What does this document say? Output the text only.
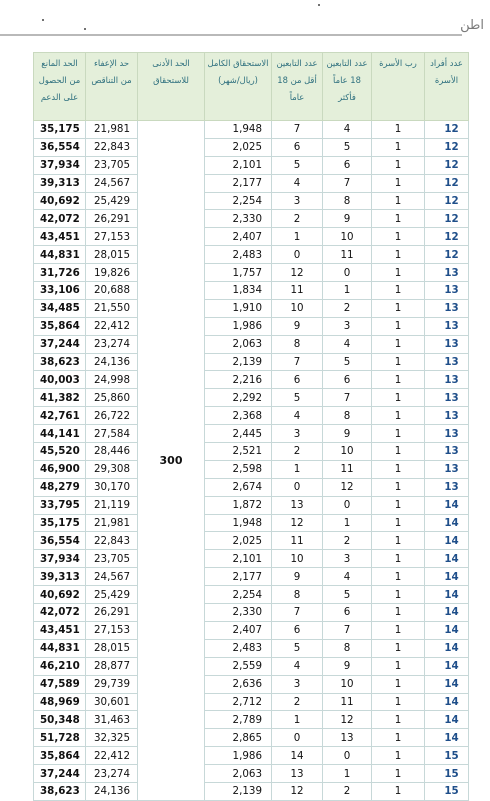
اطن
عدد أفراد الأسرة	رب الأسرة	عدد التابعين 18 عاماً فأكثر	عدد التابعين أقل من 18 عاماً	الاستحقاق الكامل (ريال/شهر)	الحد الأدنى للاستحقاق	حد الإعفاء من التناقص	الحد المانع من الحصول على الدعم
12	1	4	7	1,948	300	21,981	35,175
12	1	5	6	2,025		22,843	36,554
12	1	6	5	2,101		23,705	37,934
12	1	7	4	2,177		24,567	39,313
12	1	8	3	2,254		25,429	40,692
12	1	9	2	2,330		26,291	42,072
12	1	10	1	2,407		27,153	43,451
12	1	11	0	2,483		28,015	44,831
13	1	0	12	1,757		19,826	31,726
13	1	1	11	1,834		20,688	33,106
13	1	2	10	1,910		21,550	34,485
13	1	3	9	1,986		22,412	35,864
13	1	4	8	2,063		23,274	37,244
13	1	5	7	2,139		24,136	38,623
13	1	6	6	2,216		24,998	40,003
13	1	7	5	2,292		25,860	41,382
13	1	8	4	2,368		26,722	42,761
13	1	9	3	2,445		27,584	44,141
13	1	10	2	2,521		28,446	45,520
13	1	11	1	2,598		29,308	46,900
13	1	12	0	2,674		30,170	48,279
14	1	0	13	1,872		21,119	33,795
14	1	1	12	1,948		21,981	35,175
14	1	2	11	2,025		22,843	36,554
14	1	3	10	2,101		23,705	37,934
14	1	4	9	2,177		24,567	39,313
14	1	5	8	2,254		25,429	40,692
14	1	6	7	2,330		26,291	42,072
14	1	7	6	2,407		27,153	43,451
14	1	8	5	2,483		28,015	44,831
14	1	9	4	2,559		28,877	46,210
14	1	10	3	2,636		29,739	47,589
14	1	11	2	2,712		30,601	48,969
14	1	12	1	2,789		31,463	50,348
14	1	13	0	2,865		32,325	51,728
15	1	0	14	1,986		22,412	35,864
15	1	1	13	2,063		23,274	37,244
15	1	2	12	2,139		24,136	38,623
